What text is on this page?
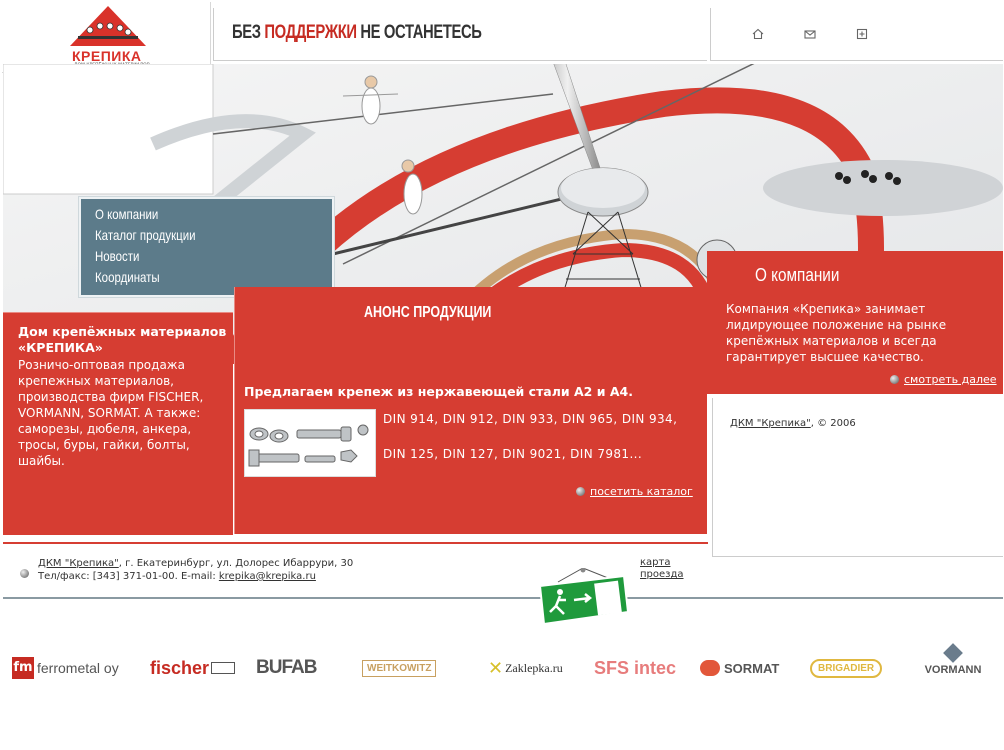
КРЕПИКА
БЕЗ ПОДДЕРЖКИ НЕ ОСТАНЕТЕСЬ
О компании
Каталог продукции
Новости
Координаты
Дом крепёжных материалов «КРЕПИКА»
Розничо-оптовая продажа крепежных материалов, производства фирм FISCHER, VORMANN, SORMAT. А также: саморезы, дюбеля, анкера, тросы, буры, гайки, болты, шайбы.
АНОНС ПРОДУКЦИИ
Предлагаем крепеж из нержавеющей стали А2 и А4.
DIN 914, DIN 912, DIN 933, DIN 965, DIN 934,
DIN 125, DIN 127, DIN 9021, DIN 7981...
посетить каталог
О компании
Компания «Крепика» занимает лидирующее положение на рынке крепёжных материалов и всегда гарантирует высшее качество.
смотреть далее
ДКМ "Крепика", © 2006
ДКМ "Крепика", г. Екатеринбург, ул. Долорес Ибаррури, 30
Тел/факс: [343] 371-01-00. E-mail: krepika@krepika.ru
карта
проезда
fm ferrometal oy fischer BUFAB	WEITKOWITZ	✕ Zaklepka.ru SFS intec	SORMAT	BRIGADIER	VORMANN
